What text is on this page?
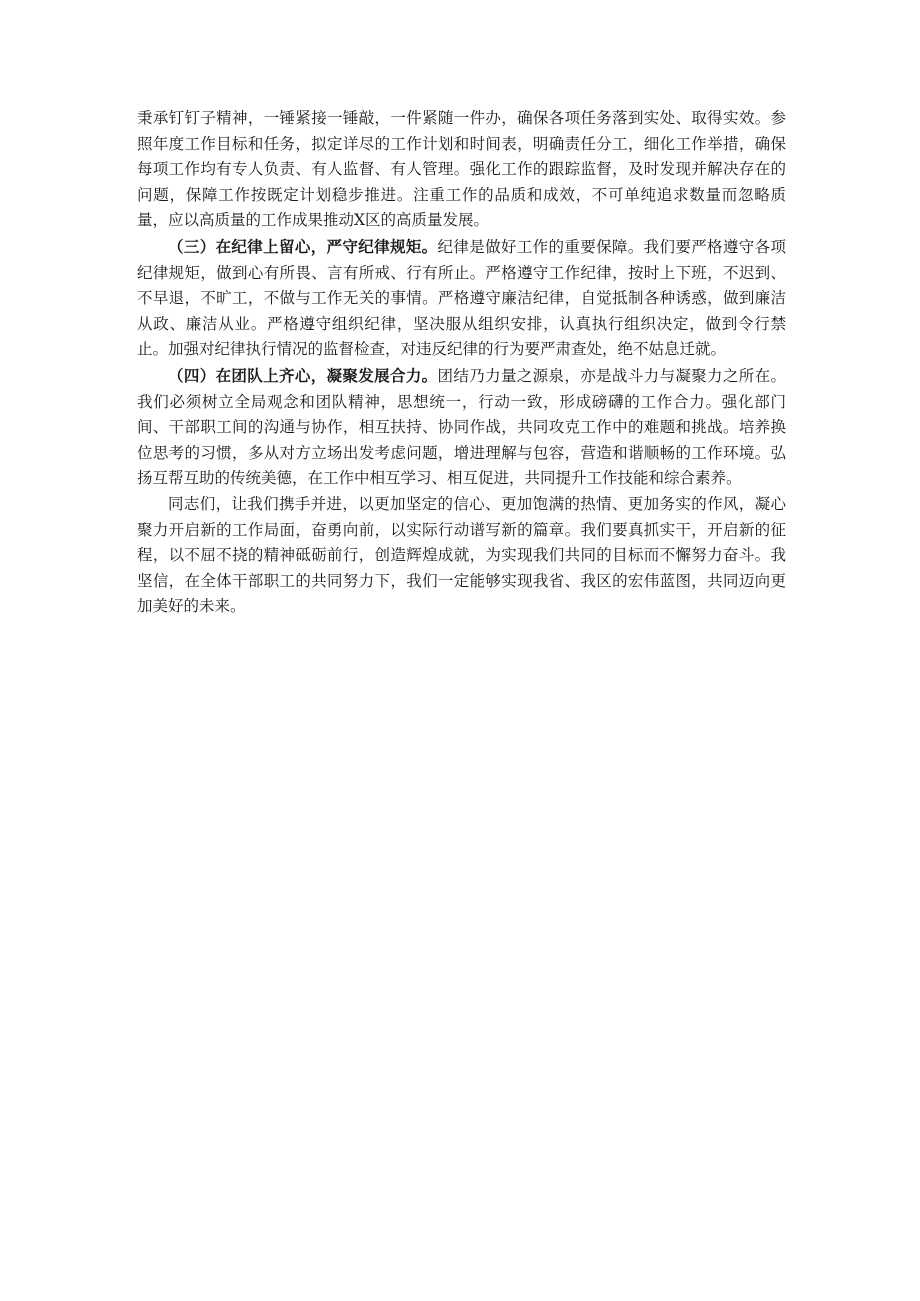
秉承钉钉子精神，一锤紧接一锤敲，一件紧随一件办，确保各项任务落到实处、取得实效。参照年度工作目标和任务，拟定详尽的工作计划和时间表，明确责任分工，细化工作举措，确保每项工作均有专人负责、有人监督、有人管理。强化工作的跟踪监督，及时发现并解决存在的问题，保障工作按既定计划稳步推进。注重工作的品质和成效，不可单纯追求数量而忽略质量，应以高质量的工作成果推动X区的高质量发展。

（三）在纪律上留心，严守纪律规矩。纪律是做好工作的重要保障。我们要严格遵守各项纪律规矩，做到心有所畏、言有所戒、行有所止。严格遵守工作纪律，按时上下班，不迟到、不早退，不旷工，不做与工作无关的事情。严格遵守廉洁纪律，自觉抵制各种诱惑，做到廉洁从政、廉洁从业。严格遵守组织纪律，坚决服从组织安排，认真执行组织决定，做到令行禁止。加强对纪律执行情况的监督检查，对违反纪律的行为要严肃查处，绝不姑息迁就。

（四）在团队上齐心，凝聚发展合力。团结乃力量之源泉，亦是战斗力与凝聚力之所在。我们必须树立全局观念和团队精神，思想统一，行动一致，形成磅礴的工作合力。强化部门间、干部职工间的沟通与协作，相互扶持、协同作战，共同攻克工作中的难题和挑战。培养换位思考的习惯，多从对方立场出发考虑问题，增进理解与包容，营造和谐顺畅的工作环境。弘扬互帮互助的传统美德，在工作中相互学习、相互促进，共同提升工作技能和综合素养。

同志们，让我们携手并进，以更加坚定的信心、更加饱满的热情、更加务实的作风，凝心聚力开启新的工作局面，奋勇向前，以实际行动谱写新的篇章。我们要真抓实干，开启新的征程，以不屈不挠的精神砥砺前行，创造辉煌成就，为实现我们共同的目标而不懈努力奋斗。我坚信，在全体干部职工的共同努力下，我们一定能够实现我省、我区的宏伟蓝图，共同迈向更加美好的未来。
